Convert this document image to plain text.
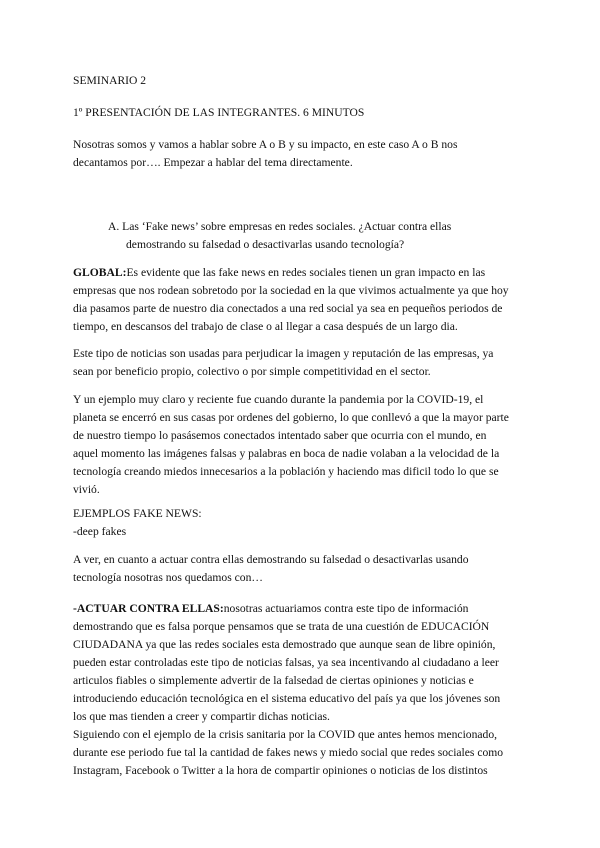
SEMINARIO 2
1º PRESENTACIÓN DE LAS INTEGRANTES. 6 MINUTOS
Nosotras somos y vamos a hablar sobre A o B y su impacto, en este caso A o B nos
decantamos por…. Empezar a hablar del tema directamente.
A. Las ‘Fake news’ sobre empresas en redes sociales. ¿Actuar contra ellas
demostrando su falsedad o desactivarlas usando tecnología?
GLOBAL:Es evidente que las fake news en redes sociales tienen un gran impacto en las
empresas que nos rodean sobretodo por la sociedad en la que vivimos actualmente ya que hoy
dia pasamos parte de nuestro dia conectados a una red social ya sea en pequeños periodos de
tiempo, en descansos del trabajo de clase o al llegar a casa después de un largo dia.
Este tipo de noticias son usadas para perjudicar la imagen y reputación de las empresas, ya
sean por beneficio propio, colectivo o por simple competitividad en el sector.
Y un ejemplo muy claro y reciente fue cuando durante la pandemia por la COVID-19, el
planeta se encerró en sus casas por ordenes del gobierno, lo que conllevó a que la mayor parte
de nuestro tiempo lo pasásemos conectados intentado saber que ocurria con el mundo, en
aquel momento las imágenes falsas y palabras en boca de nadie volaban a la velocidad de la
tecnología creando miedos innecesarios a la población y haciendo mas dificil todo lo que se
vivió.
EJEMPLOS FAKE NEWS:
-deep fakes
A ver, en cuanto a actuar contra ellas demostrando su falsedad o desactivarlas usando
tecnología nosotras nos quedamos con…
-ACTUAR CONTRA ELLAS:nosotras actuariamos contra este tipo de información
demostrando que es falsa porque pensamos que se trata de una cuestión de EDUCACIÓN
CIUDADANA ya que las redes sociales esta demostrado que aunque sean de libre opinión,
pueden estar controladas este tipo de noticias falsas, ya sea incentivando al ciudadano a leer
articulos fiables o simplemente advertir de la falsedad de ciertas opiniones y noticias e
introduciendo educación tecnológica en el sistema educativo del país ya que los jóvenes son
los que mas tienden a creer y compartir dichas noticias.
Siguiendo con el ejemplo de la crisis sanitaria por la COVID que antes hemos mencionado,
durante ese periodo fue tal la cantidad de fakes news y miedo social que redes sociales como
Instagram, Facebook o Twitter a la hora de compartir opiniones o noticias de los distintos
